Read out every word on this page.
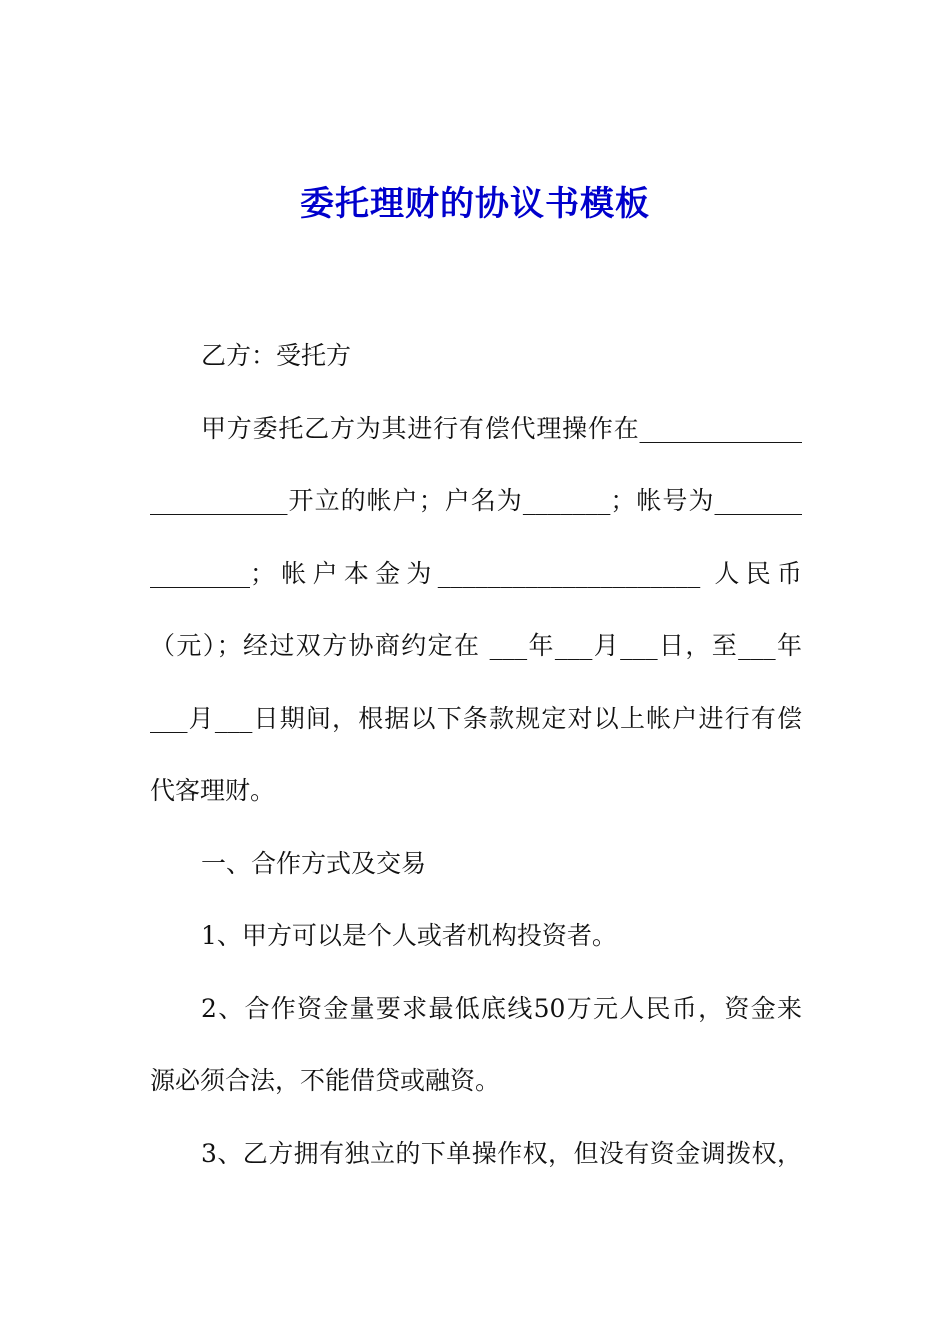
委托理财的协议书模板
乙方：受托方
甲方委托乙方为其进行有偿代理操作在_____________
___________开立的帐户；户名为_______；帐号为_______
________；帐户本金为_____________________ 人民币
（元）；经过双方协商约定在 ___年___月___日，至___年
___月___日期间，根据以下条款规定对以上帐户进行有偿
代客理财。
一、合作方式及交易
1、甲方可以是个人或者机构投资者。
2、合作资金量要求最低底线50万元人民币，资金来
源必须合法，不能借贷或融资。
3、乙方拥有独立的下单操作权，但没有资金调拨权，
